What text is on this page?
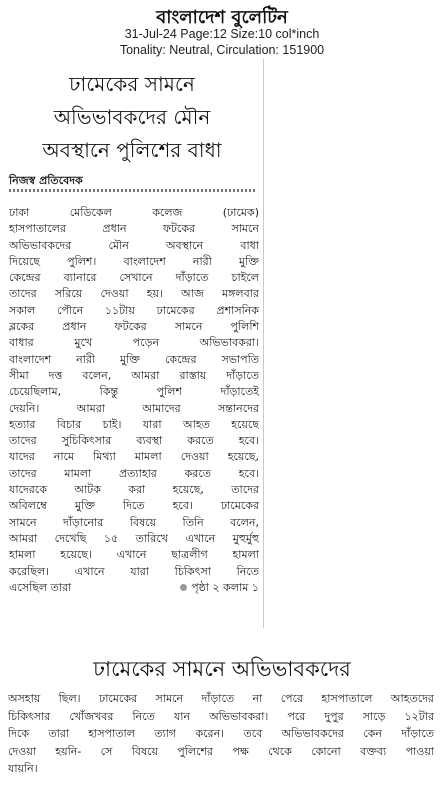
বাংলাদেশ বুলেটিন
31-Jul-24 Page:12 Size:10 col*inch
Tonality: Neutral, Circulation: 151900
ঢামেকের সামনে
অভিভাবকদের মৌন
অবস্থানে পুলিশের বাধা
নিজস্ব প্রতিবেদক
ঢাকা মেডিকেল কলেজ (ঢামেক)
হাসপাতালের প্রধান ফটকের সামনে
অভিভাবকদের মৌন অবস্থানে বাধা
দিয়েছে পুলিশ। বাংলাদেশ নারী মুক্তি
কেন্দ্রের ব্যানারে সেখানে দাঁড়াতে চাইলে
তাদের সরিয়ে দেওয়া হয়। আজ মঙ্গলবার
সকাল পৌনে ১১টায় ঢামেকের প্রশাসনিক
ব্লকের প্রধান ফটকের সামনে পুলিশি
বাধার মুখে পড়েন অভিভাবকরা।
বাংলাদেশ নারী মুক্তি কেন্দ্রের সভাপতি
সীমা দত্ত বলেন, আমরা রাস্তায় দাঁড়াতে
চেয়েছিলাম, কিন্তু পুলিশ দাঁড়াতেই
দেয়নি। আমরা আমাদের সন্তানদের
হত্যার বিচার চাই। যারা আহত হয়েছে
তাদের সুচিকিৎসার ব্যবস্থা করতে হবে।
যাদের নামে মিথ্যা মামলা দেওয়া হয়েছে,
তাদের মামলা প্রত্যাহার করতে হবে।
যাদেরকে আটক করা হয়েছে, তাদের
অবিলম্বে মুক্তি দিতে হবে। ঢামেকের
সামনে দাঁড়ানোর বিষয়ে তিনি বলেন,
আমরা দেখেছি ১৫ তারিখে এখানে মুহুর্মুহু
হামলা হয়েছে। এখানে ছাত্রলীগ হামলা
করেছিল। এখানে যারা চিকিৎসা নিতে
এসেছিল তারা	পৃষ্ঠা ২ কলাম ১
ঢামেকের সামনে অভিভাবকদের
অসহায় ছিল। ঢামেকের সামনে দাঁড়াতে না পেরে হাসপাতালে আহতদের
চিকিৎসার খোঁজখবর নিতে যান অভিভাবকরা। পরে দুপুর সাড়ে ১২টার
দিকে তারা হাসপাতাল ত্যাগ করেন। তবে অভিভাবকদের কেন দাঁড়াতে
দেওয়া হয়নি- সে বিষয়ে পুলিশের পক্ষ থেকে কোনো বক্তব্য পাওয়া
যায়নি।
